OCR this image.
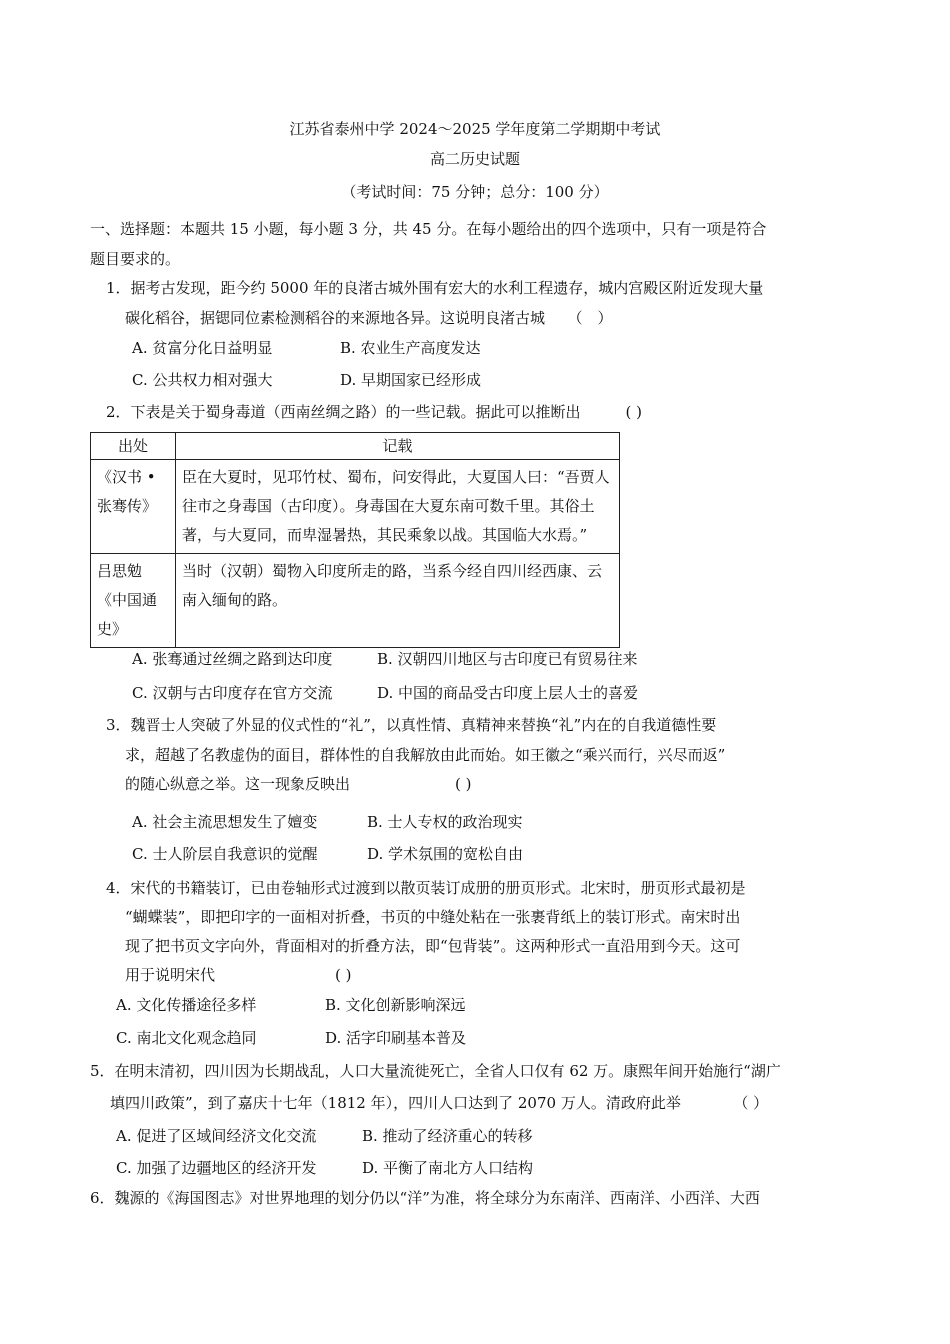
江苏省泰州中学 2024～2025 学年度第二学期期中考试
高二历史试题
（考试时间：75 分钟；总分：100 分）
一、选择题：本题共 15 小题，每小题 3 分，共 45 分。在每小题给出的四个选项中，只有一项是符合
题目要求的。
1．据考古发现，距今约 5000 年的良渚古城外围有宏大的水利工程遗存，城内宫殿区附近发现大量
碳化稻谷，据锶同位素检测稻谷的来源地各异。这说明良渚古城　　（　）
A. 贫富分化日益明显	B. 农业生产高度发达
C. 公共权力相对强大	D. 早期国家已经形成
2．下表是关于蜀身毒道（西南丝绸之路）的一些记载。据此可以推断出　　　( )
出处	记载
《汉书 • 张骞传》	臣在大夏时，见邛竹杖、蜀布，问安得此，大夏国人曰：“吾贾人往市之身毒国（古印度）。身毒国在大夏东南可数千里。其俗土著，与大夏同，而卑湿暑热，其民乘象以战。其国临大水焉。”
吕思勉《中国通史》	当时（汉朝）蜀物入印度所走的路，当系今经自四川经西康、云南入缅甸的路。
A. 张骞通过丝绸之路到达印度	B. 汉朝四川地区与古印度已有贸易往来
C. 汉朝与古印度存在官方交流	D. 中国的商品受古印度上层人士的喜爱
3．魏晋士人突破了外显的仪式性的“礼”，以真性情、真精神来替换“礼”内在的自我道德性要
求，超越了名教虚伪的面目，群体性的自我解放由此而始。如王徽之“乘兴而行，兴尽而返”
的随心纵意之举。这一现象反映出　　　　　　　( )
A. 社会主流思想发生了嬗变	B. 士人专权的政治现实
C. 士人阶层自我意识的觉醒	D. 学术氛围的宽松自由
4．宋代的书籍装订，已由卷轴形式过渡到以散页装订成册的册页形式。北宋时，册页形式最初是
“蝴蝶装”，即把印字的一面相对折叠，书页的中缝处粘在一张裹背纸上的装订形式。南宋时出
现了把书页文字向外，背面相对的折叠方法，即“包背装”。这两种形式一直沿用到今天。这可
用于说明宋代　　　　　　　　( )
A. 文化传播途径多样	B. 文化创新影响深远
C. 南北文化观念趋同	D. 活字印刷基本普及
5．在明末清初，四川因为长期战乱，人口大量流徙死亡，全省人口仅有 62 万。康熙年间开始施行“湖广
填四川政策”，到了嘉庆十七年（1812 年），四川人口达到了 2070 万人。清政府此举　　　　（ ）
A. 促进了区域间经济文化交流	B. 推动了经济重心的转移
C. 加强了边疆地区的经济开发	D. 平衡了南北方人口结构
6．魏源的《海国图志》对世界地理的划分仍以“洋”为准，将全球分为东南洋、西南洋、小西洋、大西
